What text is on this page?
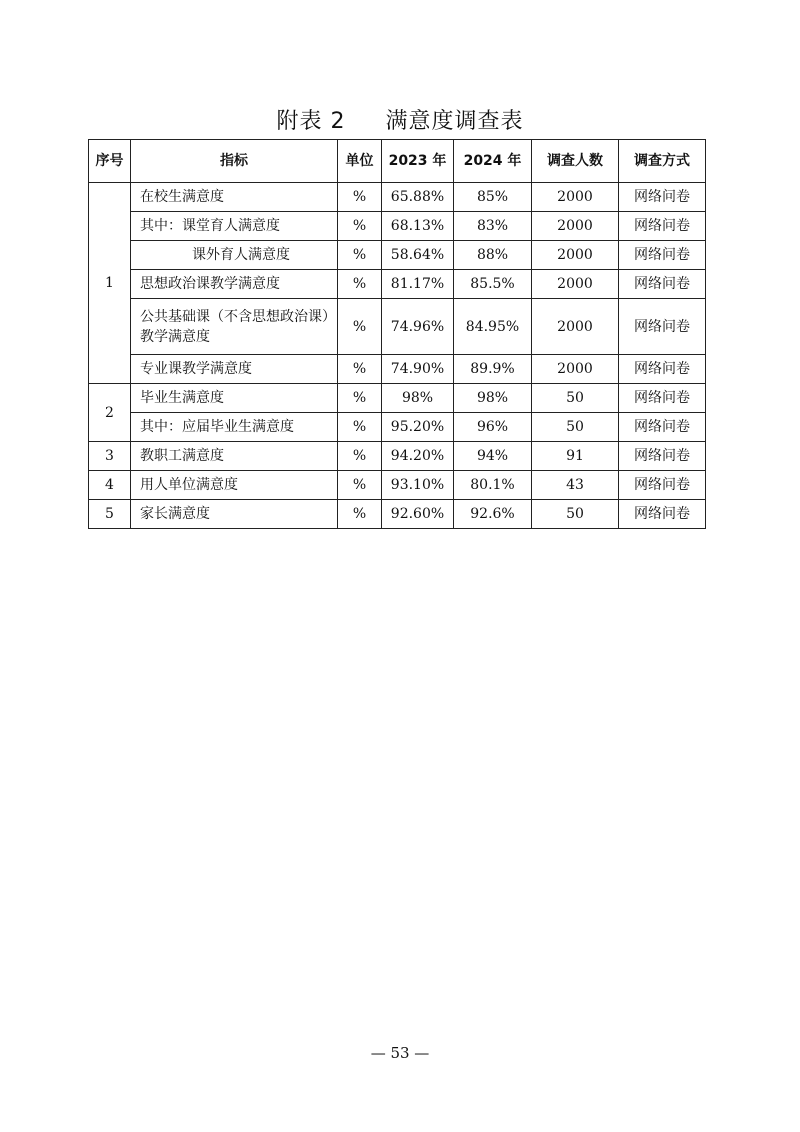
附表 2 满意度调查表
序号	指标	单位	2023 年	2024 年	调查人数	调查方式
1	在校生满意度	%	65.88%	85%	2000	网络问卷
	其中：课堂育人满意度	%	68.13%	83%	2000	网络问卷
	课外育人满意度	%	58.64%	88%	2000	网络问卷
	思想政治课教学满意度	%	81.17%	85.5%	2000	网络问卷
	公共基础课（不含思想政治课）教学满意度	%	74.96%	84.95%	2000	网络问卷
	专业课教学满意度	%	74.90%	89.9%	2000	网络问卷
2	毕业生满意度	%	98%	98%	50	网络问卷
	其中：应届毕业生满意度	%	95.20%	96%	50	网络问卷
3	教职工满意度	%	94.20%	94%	91	网络问卷
4	用人单位满意度	%	93.10%	80.1%	43	网络问卷
5	家长满意度	%	92.60%	92.6%	50	网络问卷
— 53 —
